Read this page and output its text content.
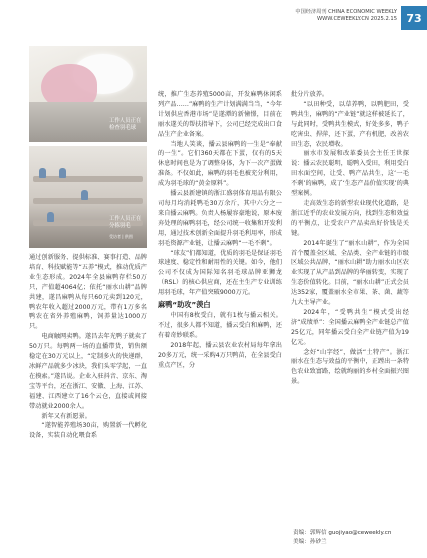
中国经济周刊 CHINA ECONOMIC WEEKLY
WWW.CEWEEKLY.CN 2025.2.15 73
工作人员正在
检查羽毛球
工作人员正在
分拣羽毛
受访者 | 供图

通过创新服务、提供标准、赛事打造、品牌培育、科技赋能等“五养”模式，推动优质产业生态形成。2024年全县麻鸭存栏50万只，产值超4064亿；依托“丽水山耕”品牌共建，遂昌麻鸭从每只60元卖到120元，鸭农年收入超过2000万元，带有1万多名鸭农在省外养殖麻鸭，饲养量达1000万只。

电商触网卖鸭。遂昌去年光鸭子就卖了50万只。每鸭两一场的直播带货，销售额稳定在30万元以上，“定制多火的快递群，冰鲜产品就多少冰块，我们头零学起，一直在摸索。”遂昌说。企业入驻抖音、京东、淘宝等平台，还在浙江、安徽、上海、江苏、福建、江西建立了16个云仓，直接或间接带动就业2000余人。

新年又有新愿景。

“遂智能养殖场30亩，购置新一代孵化设备，实装自动化喂食系

统，推广生态养殖5000亩，开发麻鸭休闲系列产品……”麻鸭的生产计划满满当当，“今年计划供应香港市场”是遂潭的新憧憬，目前在丽水遂关的帮扶指导下，公司已经完成出口食品生产企业备案。

当地人笑谈，播云县麻鸭的一生是“奉献的一生”。它们360天都在下蛋，仅有的5天休息时间也是为了调整身体，为下一次产蛋做准备。不仅如此，麻鸭的羽毛也被充分利用，成为羽毛球的“黄金原料”。

播云县新建镇的浙江盛羽体育用品有限公司每月均消耗鸭毛30万余斤，其中六分之一来自播云麻鸭。负责人杨履容豪地说，原本废弃处理的麻鸭羽毛，经公司统一收集和开发利用，通过技术创新全面提升羽毛利用率，形成羽毛资源产业链，让播云麻鸭“一毛不剩”。

“球友”们都知道，优质的羽毛是保证羽毛球速度、稳定性和耐用性的关键。如今，他们公司不仅成为国际知名羽毛球品牌亚狮龙（RSL）的核心供应商，还在主生产专业训练用羽毛球，年产值突破9000万元。

麻鸭“助攻”羡白

中国有8枚受白，就有1枚与播云相关。不过，很多人都不知道，播云受白和麻鸭，还有着奇妙联系。

2018年起，播云县农业农村局每年拿出20多万元，统一采购4万只鸭苗，在全县受白重点产区，分

批分片放养。

“以田种受，以草养鸭，以鸭肥田，受鸭共生，麻鸭的“产业链”就这样被延长了，与此同时，受鸭共生模式，好处多多，鸭子吃害虫、捍萍，还下蛋，产有机肥，改善农田生态，农民增收。

丽水市发展和改革委员会主任王世探说：播云农民聪明，聪鸭入受田，利用受白田水面空间，让受、鸭产品共生，这‘一毛不剩’的麻鸭，成了‘生态产品价值实现’的典型案例。

走高效生态的新型农业现代化道路，是浙江近乎的农业发展方向，找到生态和效益的平衡点，让受农户产品卖出好价钱是关键。

2014年诞生了“丽水山耕”，作为全国首个覆盖全区域、全品类、全产业链的市级区域公共品牌，“丽水山耕”助力丽水山区农业实现了从产品到品牌的华丽转变，实现了生态价值转化。目前，“丽水山耕”正式会员达352家，覆盖丽水全市果、茶、菌、蔬等九大主导产业。

2024年，“受鸭共生”模式受出经济“成绩单”：全国播云麻鸭全产业链总产值25亿元，同年播云受白全产业链产值为19亿元。

念好“山字经”，做活“土特产”。浙江丽水在生态与效益的平衡中，正蹚出一条特色农业致富路，绘就绚丽的乡村全面振兴图景。

责编：郭辉信 guojiyao@ceweekly.cn
美编：孙砂兰
